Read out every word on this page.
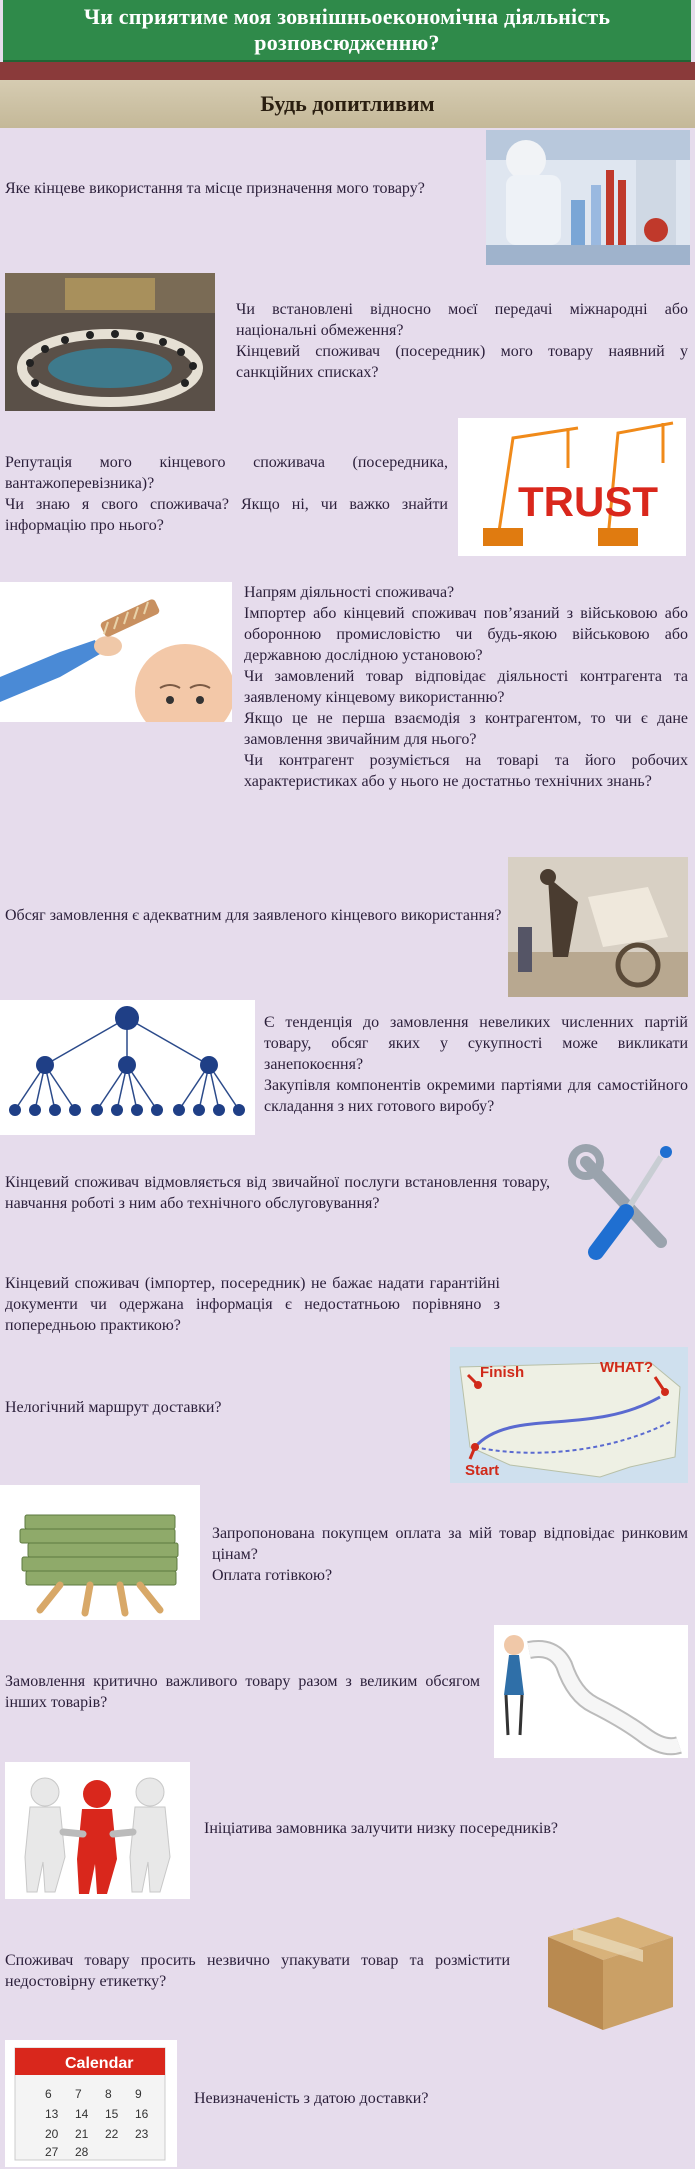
Чи сприятиме моя зовнішньоекономічна діяльність розповсюдженню?
Будь допитливим

Яке кінцеве використання та місце призначення мого товару?

Чи встановлені відносно моєї передачі міжнародні або національні обмеження?

Кінцевий споживач (посередник) мого товару наявний у санкційних списках?

Репутація мого кінцевого споживача (посередника, вантажоперевізника)?

Чи знаю я свого споживача? Якщо ні, чи важко знайти інформацію про нього?

TRUST

Напрям діяльності споживача?

Імпортер або кінцевий споживач пов’язаний з військовою або оборонною промисловістю чи будь-якою військовою або державною дослідною установою?

Чи замовлений товар відповідає діяльності контрагента та заявленому кінцевому використанню?

Якщо це не перша взаємодія з контрагентом, то чи є дане замовлення звичайним для нього?

Чи контрагент розуміється на товарі та його робочих характеристиках або у нього не достатньо технічних знань?

Обсяг замовлення є адекватним для заявленого кінцевого використання?

Є тенденція до замовлення невеликих численних партій товару, обсяг яких у сукупності може викликати занепокоєння?

Закупівля компонентів окремими партіями для самостійного складання з них готового виробу?

Кінцевий споживач відмовляється від звичайної послуги встановлення товару, навчання роботі з ним або технічного обслуговування?

Кінцевий споживач (імпортер, посередник) не бажає надати гарантійні документи чи одержана інформація є недостатньою порівняно з попередньою практикою?

Нелогічний маршрут доставки?

Finish	WHAT?
Start

Запропонована покупцем оплата за мій товар відповідає ринковим цінам?

Оплата готівкою?

Замовлення критично важливого товару разом з великим обсягом інших товарів?

Ініціатива замовника залучити низку посередників?

Споживач товару просить незвично упакувати товар та розмістити недостовірну етикетку?

Calendar
6 7 8 9
13 14 15 16
20 21 22 23
27 28

Невизначеність з датою доставки?
